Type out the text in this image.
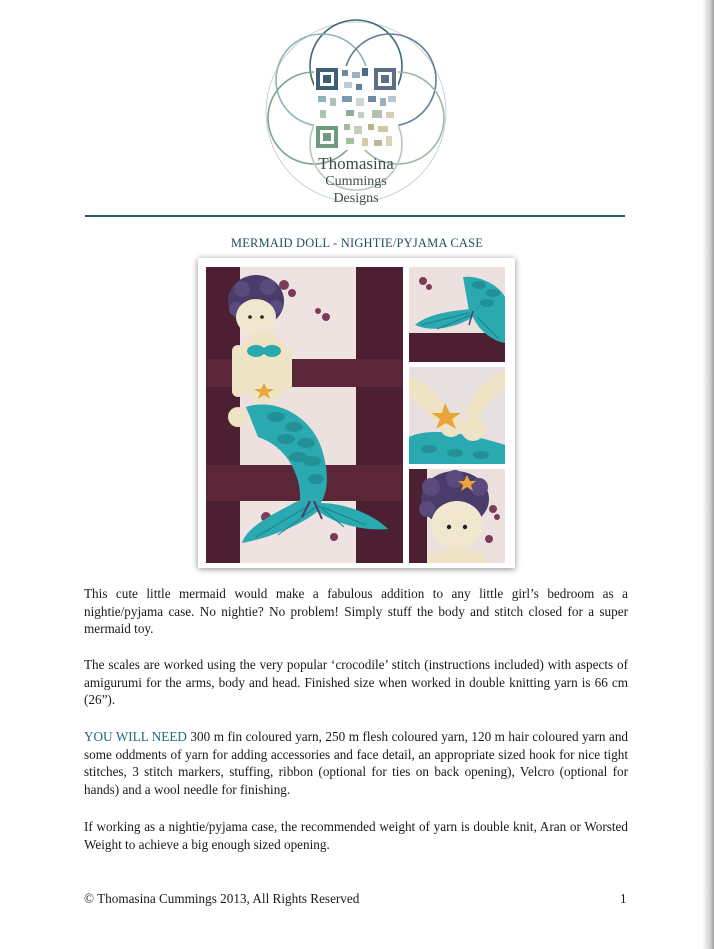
Thomasina
Cummings
Designs
MERMAID DOLL - NIGHTIE/PYJAMA CASE

This cute little mermaid would make a fabulous addition to any little girl’s bedroom as a nightie/pyjama case. No nightie? No problem! Simply stuff the body and stitch closed for a super mermaid toy.

The scales are worked using the very popular ‘crocodile’ stitch (instructions included) with aspects of amigurumi for the arms, body and head. Finished size when worked in double knitting yarn is 66 cm (26”).

YOU WILL NEED 300 m fin coloured yarn, 250 m flesh coloured yarn, 120 m hair coloured yarn and some oddments of yarn for adding accessories and face detail, an appropriate sized hook for nice tight stitches, 3 stitch markers, stuffing, ribbon (optional for ties on back opening), Velcro (optional for hands) and a wool needle for finishing.

If working as a nightie/pyjama case, the recommended weight of yarn is double knit, Aran or Worsted Weight to achieve a big enough sized opening.

© Thomasina Cummings 2013, All Rights Reserved	1
